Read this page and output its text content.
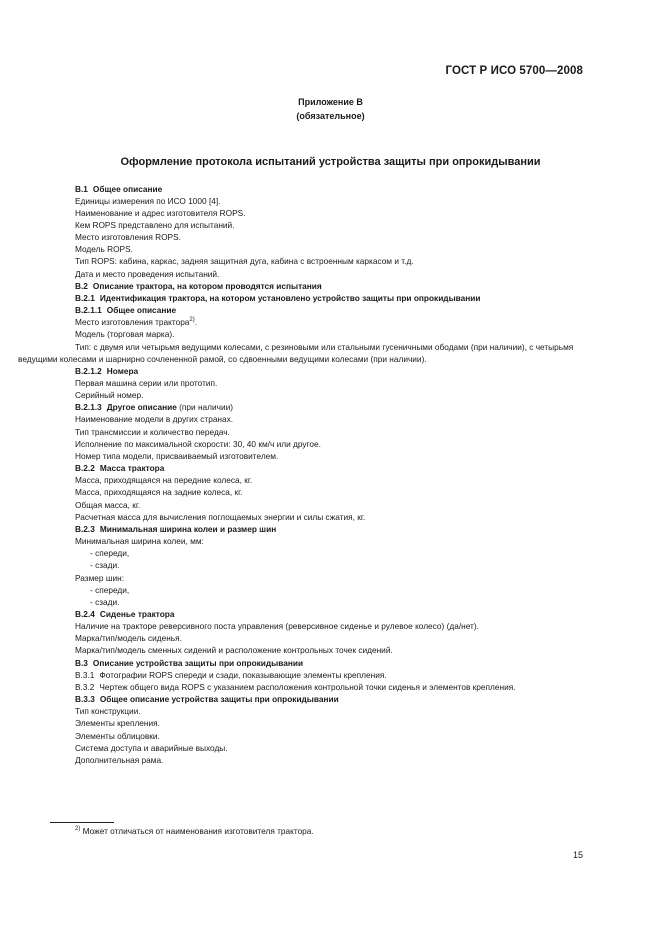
ГОСТ Р ИСО 5700—2008
Приложение В
(обязательное)
Оформление протокола испытаний устройства защиты при опрокидывании
В.1 Общее описание
Единицы измерения по ИСО 1000 [4].
Наименование и адрес изготовителя ROPS.
Кем ROPS представлено для испытаний.
Место изготовления ROPS.
Модель ROPS.
Тип ROPS: кабина, каркас, задняя защитная дуга, кабина с встроенным каркасом и т.д.
Дата и место проведения испытаний.
В.2 Описание трактора, на котором проводятся испытания
В.2.1 Идентификация трактора, на котором установлено устройство защиты при опрокидывании
В.2.1.1 Общее описание
Место изготовления трактора$^{2)}$.
Модель (торговая марка).
Тип: с двумя или четырьмя ведущими колесами, с резиновыми или стальными гусеничными ободами (при наличии), с четырьмя ведущими колесами и шарнирно сочлененной рамой, со сдвоенными ведущими колесами (при наличии).
В.2.1.2 Номера
Первая машина серии или прототип.
Серийный номер.
В.2.1.3 Другое описание (при наличии)
Наименование модели в других странах.
Тип трансмиссии и количество передач.
Исполнение по максимальной скорости: 30, 40 км/ч или другое.
Номер типа модели, присваиваемый изготовителем.
В.2.2 Масса трактора
Масса, приходящаяся на передние колеса, кг.
Масса, приходящаяся на задние колеса, кг.
Общая масса, кг.
Расчетная масса для вычисления поглощаемых энергии и силы сжатия, кг.
В.2.3 Минимальная ширина колеи и размер шин
Минимальная ширина колеи, мм:
- спереди,
- сзади.
Размер шин:
- спереди,
- сзади.
В.2.4 Сиденье трактора
Наличие на тракторе реверсивного поста управления (реверсивное сиденье и рулевое колесо) (да/нет).
Марка/тип/модель сиденья.
Марка/тип/модель сменных сидений и расположение контрольных точек сидений.
В.3 Описание устройства защиты при опрокидывании
В.3.1 Фотографии ROPS спереди и сзади, показывающие элементы крепления.
В.3.2 Чертеж общего вида ROPS с указанием расположения контрольной точки сиденья и элементов крепления.
В.3.3 Общее описание устройства защиты при опрокидывании
Тип конструкции.
Элементы крепления.
Элементы облицовки.
Система доступа и аварийные выходы.
Дополнительная рама.
$^{2)}$ Может отличаться от наименования изготовителя трактора.
15
